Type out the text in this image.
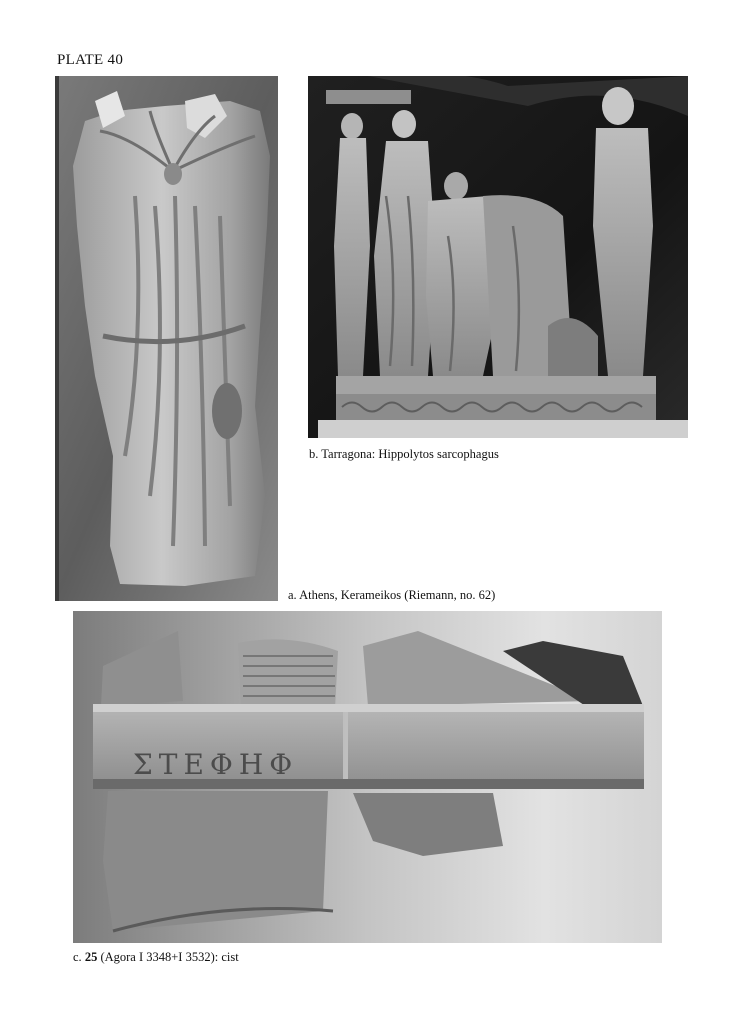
PLATE 40
b. Tarragona: Hippolytos sarcophagus
a. Athens, Kerameikos (Riemann, no. 62)
ΣΤΕΦΗΦ
c. 25 (Agora I 3348+I 3532): cist
